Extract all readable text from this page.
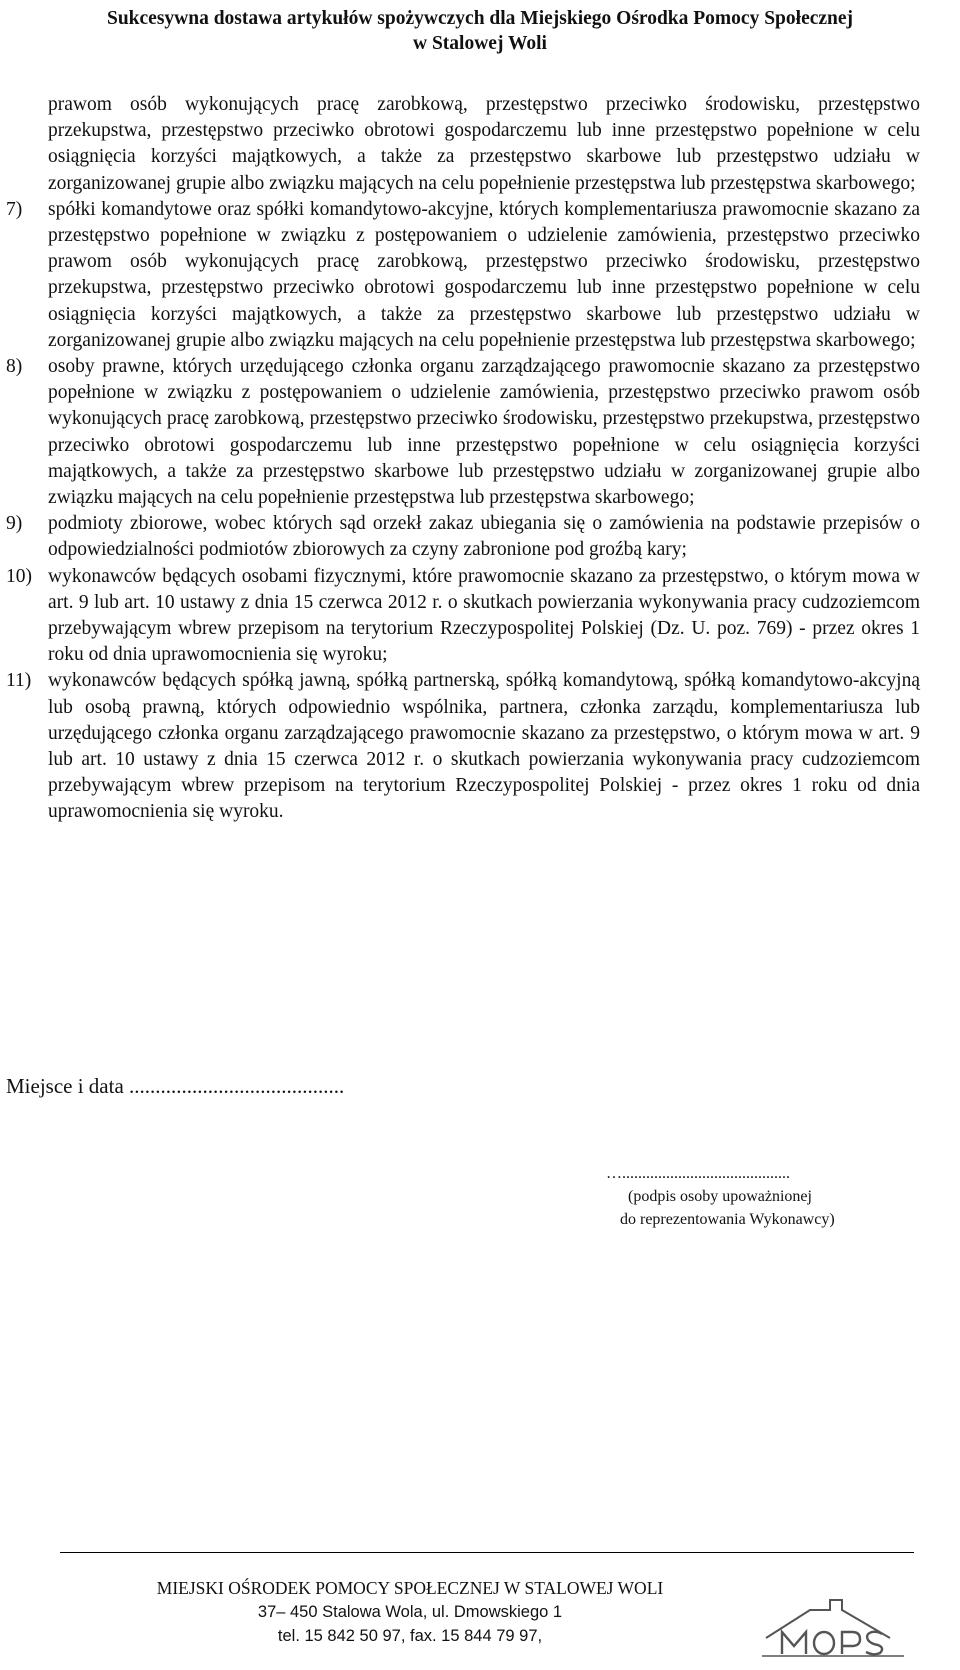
Sukcesywna dostawa artykułów spożywczych dla Miejskiego Ośrodka Pomocy Społecznej
w Stalowej Woli
prawom osób wykonujących pracę zarobkową, przestępstwo przeciwko środowisku, przestępstwo przekupstwa, przestępstwo przeciwko obrotowi gospodarczemu lub inne przestępstwo popełnione w celu osiągnięcia korzyści majątkowych, a także za przestępstwo skarbowe lub przestępstwo udziału w zorganizowanej grupie albo związku mających na celu popełnienie przestępstwa lub przestępstwa skarbowego;
7)	spółki komandytowe oraz spółki komandytowo-akcyjne, których komplementariusza prawomocnie skazano za przestępstwo popełnione w związku z postępowaniem o udzielenie zamówienia, przestępstwo przeciwko prawom osób wykonujących pracę zarobkową, przestępstwo przeciwko środowisku, przestępstwo przekupstwa, przestępstwo przeciwko obrotowi gospodarczemu lub inne przestępstwo popełnione w celu osiągnięcia korzyści majątkowych, a także za przestępstwo skarbowe lub przestępstwo udziału w zorganizowanej grupie albo związku mających na celu popełnienie przestępstwa lub przestępstwa skarbowego;
8)	osoby prawne, których urzędującego członka organu zarządzającego prawomocnie skazano za przestępstwo popełnione w związku z postępowaniem o udzielenie zamówienia, przestępstwo przeciwko prawom osób wykonujących pracę zarobkową, przestępstwo przeciwko środowisku, przestępstwo przekupstwa, przestępstwo przeciwko obrotowi gospodarczemu lub inne przestępstwo popełnione w celu osiągnięcia korzyści majątkowych, a także za przestępstwo skarbowe lub przestępstwo udziału w zorganizowanej grupie albo związku mających na celu popełnienie przestępstwa lub przestępstwa skarbowego;
9)	podmioty zbiorowe, wobec których sąd orzekł zakaz ubiegania się o zamówienia na podstawie przepisów o odpowiedzialności podmiotów zbiorowych za czyny zabronione pod groźbą kary;
10) wykonawców będących osobami fizycznymi, które prawomocnie skazano za przestępstwo, o którym mowa w art. 9 lub art. 10 ustawy z dnia 15 czerwca 2012 r. o skutkach powierzania wykonywania pracy cudzoziemcom przebywającym wbrew przepisom na terytorium Rzeczypospolitej Polskiej (Dz. U. poz. 769) - przez okres 1 roku od dnia uprawomocnienia się wyroku;
11) wykonawców będących spółką jawną, spółką partnerską, spółką komandytową, spółką komandytowo-akcyjną lub osobą prawną, których odpowiednio wspólnika, partnera, członka zarządu, komplementariusza lub urzędującego członka organu zarządzającego prawomocnie skazano za przestępstwo, o którym mowa w art. 9 lub art. 10 ustawy z dnia 15 czerwca 2012 r. o skutkach powierzania wykonywania pracy cudzoziemcom przebywającym wbrew przepisom na terytorium Rzeczypospolitej Polskiej - przez okres 1 roku od dnia uprawomocnienia się wyroku.
Miejsce i data .........................................
…..........................................
(podpis osoby upoważnionej
do reprezentowania Wykonawcy)
MIEJSKI OŚRODEK POMOCY SPOŁECZNEJ W STALOWEJ WOLI
37– 450 Stalowa Wola, ul. Dmowskiego 1
tel. 15 842 50 97, fax. 15 844 79 97,
